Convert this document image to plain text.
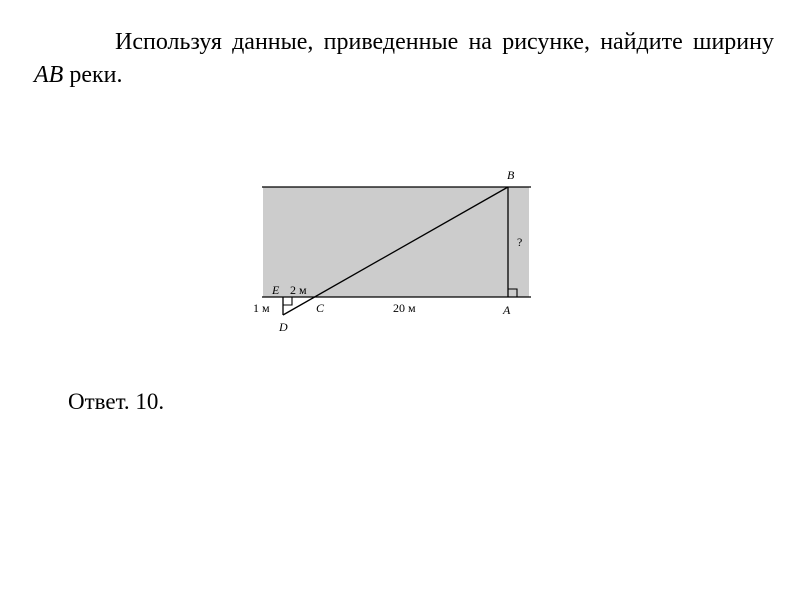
Используя данные, приведенные на рисунке, найдите ширину AB реки.

B
A
C
D
E
1 м
2 м
20 м
?

Ответ. 10.
